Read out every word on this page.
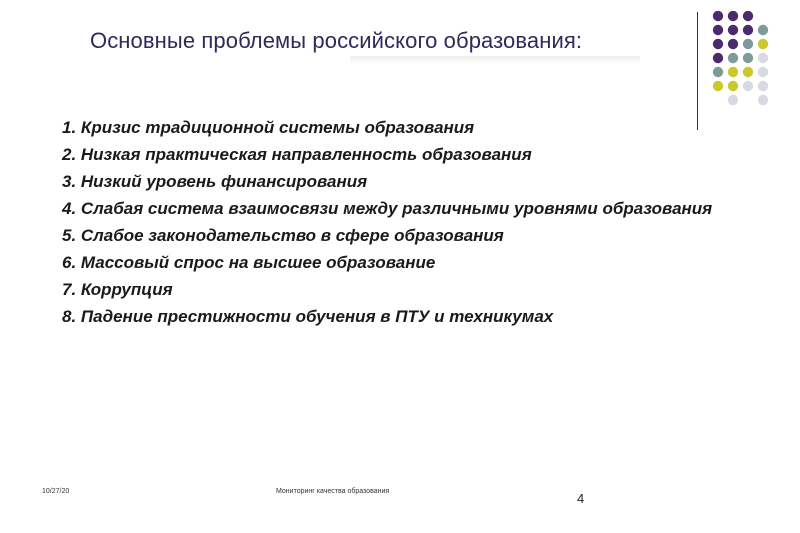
Основные проблемы российского образования:
1. Кризис традиционной системы образования
2. Низкая практическая направленность образования
3. Низкий уровень финансирования
4. Слабая система взаимосвязи между различными уровнями образования
5. Слабое законодательство в сфере образования
6. Массовый спрос на высшее образование
7. Коррупция
8. Падение престижности обучения в ПТУ и техникумах
10/27/20	Мониторинг качества образования	4
